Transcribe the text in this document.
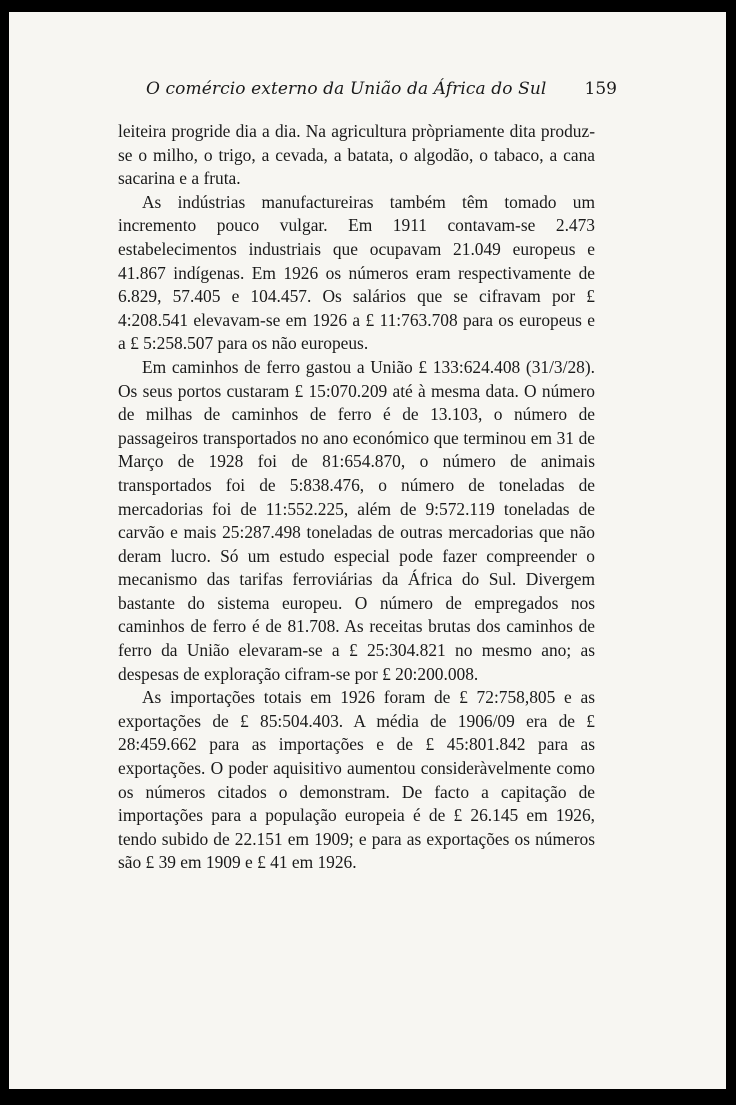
O comércio externo da União da África do Sul 159

leiteira progride dia a dia. Na agricultura pròpriamente dita produz-se o milho, o trigo, a cevada, a batata, o algodão, o tabaco, a cana sacarina e a fruta.

As indústrias manufactureiras também têm tomado um incremento pouco vulgar. Em 1911 contavam-se 2.473 estabelecimentos industriais que ocupavam 21.049 europeus e 41.867 indígenas. Em 1926 os números eram respectivamente de 6.829, 57.405 e 104.457. Os salários que se cifravam por £ 4:208.541 elevavam-se em 1926 a £ 11:763.708 para os europeus e a £ 5:258.507 para os não europeus.

Em caminhos de ferro gastou a União £ 133:624.408 (31/3/28). Os seus portos custaram £ 15:070.209 até à mesma data. O número de milhas de caminhos de ferro é de 13.103, o número de passageiros transportados no ano económico que terminou em 31 de Março de 1928 foi de 81:654.870, o número de animais transportados foi de 5:838.476, o número de toneladas de mercadorias foi de 11:552.225, além de 9:572.119 toneladas de carvão e mais 25:287.498 toneladas de outras mercadorias que não deram lucro. Só um estudo especial pode fazer compreender o mecanismo das tarifas ferroviárias da África do Sul. Divergem bastante do sistema europeu. O número de empregados nos caminhos de ferro é de 81.708. As receitas brutas dos caminhos de ferro da União elevaram-se a £ 25:304.821 no mesmo ano; as despesas de exploração cifram-se por £ 20:200.008.

As importações totais em 1926 foram de £ 72:758,805 e as exportações de £ 85:504.403. A média de 1906/09 era de £ 28:459.662 para as importações e de £ 45:801.842 para as exportações. O poder aquisitivo aumentou consideràvelmente como os números citados o demonstram. De facto a capitação de importações para a população europeia é de £ 26.145 em 1926, tendo subido de 22.151 em 1909; e para as exportações os números são £ 39 em 1909 e £ 41 em 1926.
